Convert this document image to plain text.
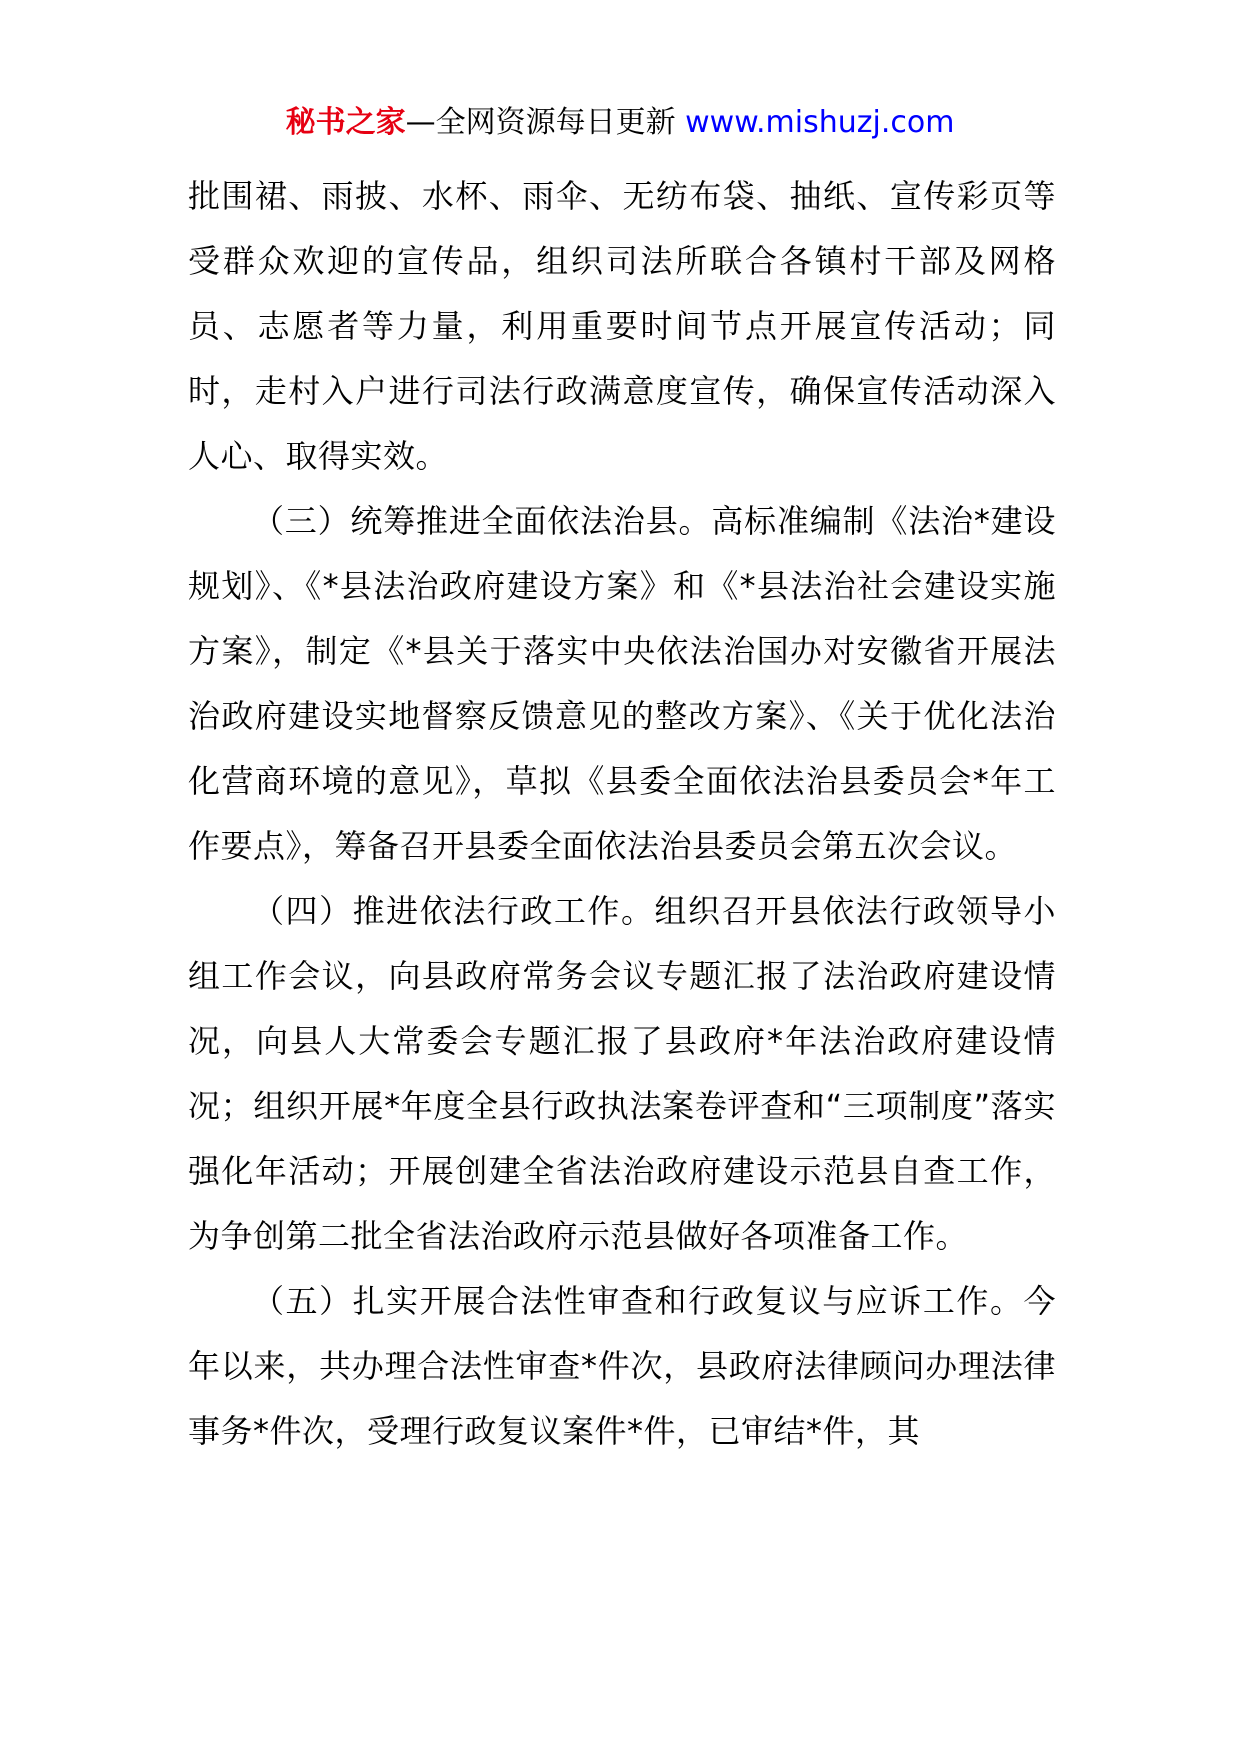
秘书之家—全网资源每日更新 www.mishuzj.com

批围裙、雨披、水杯、雨伞、无纺布袋、抽纸、宣传彩页等受群众欢迎的宣传品，组织司法所联合各镇村干部及网格员、志愿者等力量，利用重要时间节点开展宣传活动；同时，走村入户进行司法行政满意度宣传，确保宣传活动深入人心、取得实效。

（三）统筹推进全面依法治县。高标准编制《法治*建设规划》、《*县法治政府建设方案》和《*县法治社会建设实施方案》，制定《*县关于落实中央依法治国办对安徽省开展法治政府建设实地督察反馈意见的整改方案》、《关于优化法治化营商环境的意见》，草拟《县委全面依法治县委员会*年工作要点》，筹备召开县委全面依法治县委员会第五次会议。

（四）推进依法行政工作。组织召开县依法行政领导小组工作会议，向县政府常务会议专题汇报了法治政府建设情况，向县人大常委会专题汇报了县政府*年法治政府建设情况；组织开展*年度全县行政执法案卷评查和“三项制度”落实强化年活动；开展创建全省法治政府建设示范县自查工作，为争创第二批全省法治政府示范县做好各项准备工作。

（五）扎实开展合法性审查和行政复议与应诉工作。今年以来，共办理合法性审查*件次，县政府法律顾问办理法律事务*件次，受理行政复议案件*件，已审结*件，其
